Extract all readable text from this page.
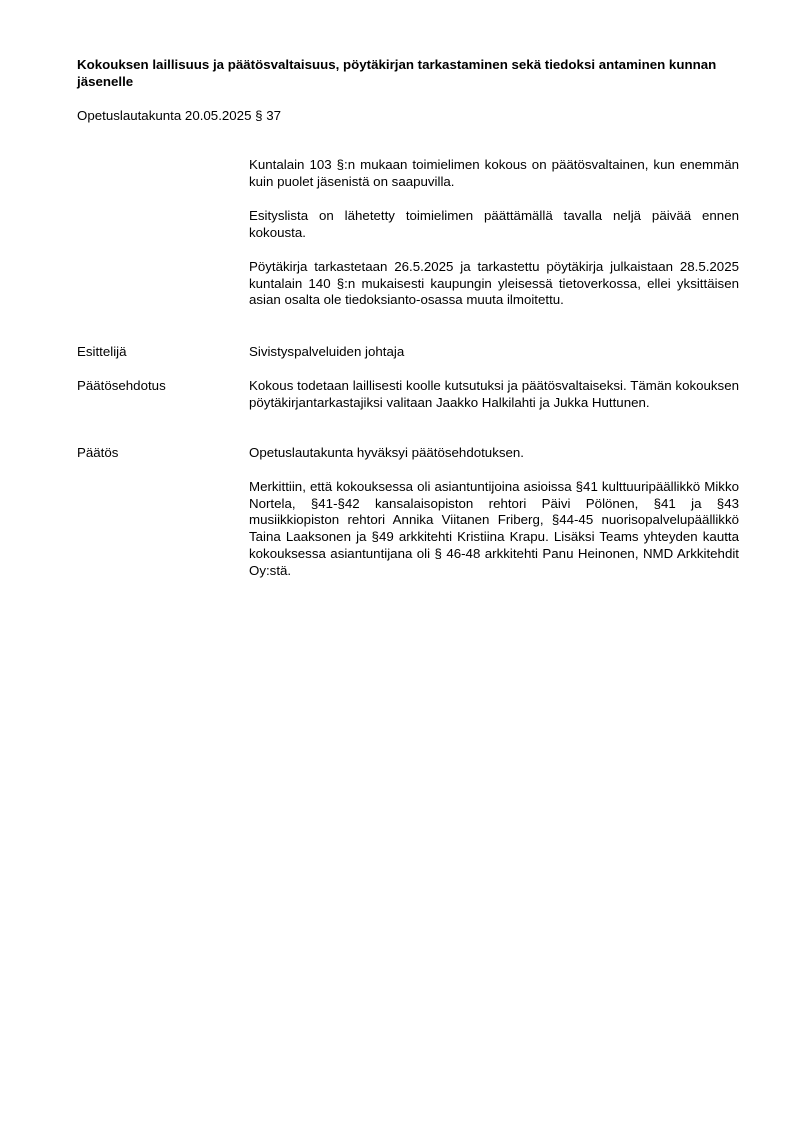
Kokouksen laillisuus ja päätösvaltaisuus, pöytäkirjan tarkastaminen sekä tiedoksi antaminen kunnan jäsenelle
Opetuslautakunta 20.05.2025 § 37

Kuntalain 103 §:n mukaan toimielimen kokous on päätösvaltainen, kun enemmän kuin puolet jäsenistä on saapuvilla.

Esityslista on lähetetty toimielimen päättämällä tavalla neljä päivää ennen kokousta.

Pöytäkirja tarkastetaan 26.5.2025 ja tarkastettu pöytäkirja julkaistaan 28.5.2025 kuntalain 140 §:n mukaisesti kaupungin yleisessä tietoverkossa, ellei yksittäisen asian osalta ole tiedoksianto-osassa muuta ilmoitettu.

Esittelijä	Sivistyspalveluiden johtaja
Päätösehdotus	Kokous todetaan laillisesti koolle kutsutuksi ja päätösvaltaiseksi. Tämän kokouksen pöytäkirjantarkastajiksi valitaan Jaakko Halkilahti ja Jukka Huttunen.

Päätös	Opetuslautakunta hyväksyi päätösehdotuksen.

Merkittiin, että kokouksessa oli asiantuntijoina asioissa §41 kulttuuripäällikkö Mikko Nortela, §41-§42 kansalaisopiston rehtori Päivi Pölönen, §41 ja §43 musiikkiopiston rehtori Annika Viitanen Friberg, §44-45 nuorisopalvelupäällikkö Taina Laaksonen ja §49 arkkitehti Kristiina Krapu. Lisäksi Teams yhteyden kautta kokouksessa asiantuntijana oli § 46-48 arkkitehti Panu Heinonen, NMD Arkkitehdit Oy:stä.
